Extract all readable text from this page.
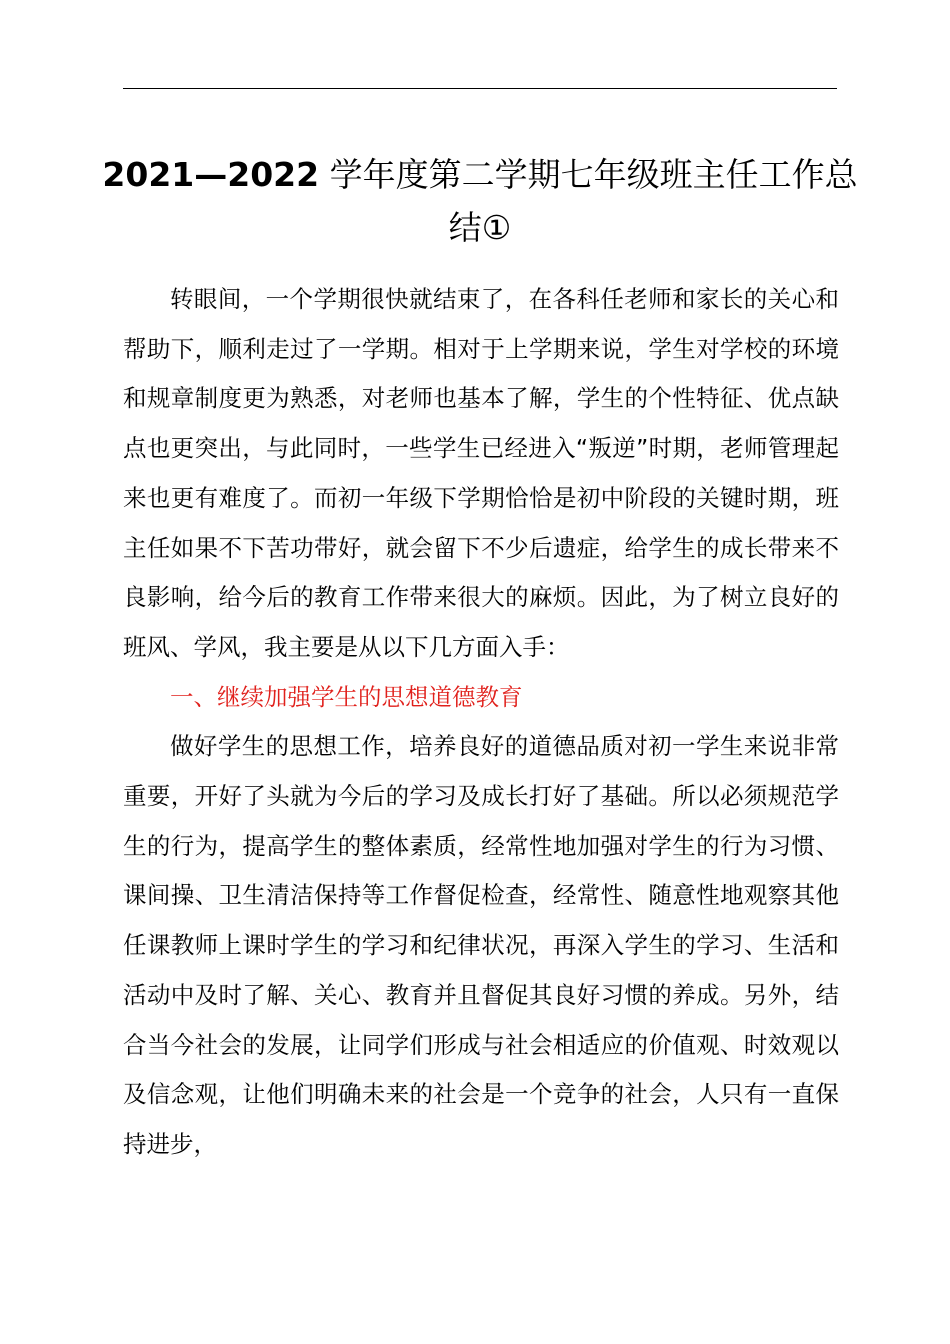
2021—2022 学年度第二学期七年级班主任工作总结①

转眼间，一个学期很快就结束了，在各科任老师和家长的关心和帮助下，顺利走过了一学期。相对于上学期来说，学生对学校的环境和规章制度更为熟悉，对老师也基本了解，学生的个性特征、优点缺点也更突出，与此同时，一些学生已经进入“叛逆”时期，老师管理起来也更有难度了。而初一年级下学期恰恰是初中阶段的关键时期，班主任如果不下苦功带好，就会留下不少后遗症，给学生的成长带来不良影响，给今后的教育工作带来很大的麻烦。因此，为了树立良好的班风、学风，我主要是从以下几方面入手：

一、继续加强学生的思想道德教育

做好学生的思想工作，培养良好的道德品质对初一学生来说非常重要，开好了头就为今后的学习及成长打好了基础。所以必须规范学生的行为，提高学生的整体素质，经常性地加强对学生的行为习惯、课间操、卫生清洁保持等工作督促检查，经常性、随意性地观察其他任课教师上课时学生的学习和纪律状况，再深入学生的学习、生活和活动中及时了解、关心、教育并且督促其良好习惯的养成。另外，结合当今社会的发展，让同学们形成与社会相适应的价值观、时效观以及信念观，让他们明确未来的社会是一个竞争的社会，人只有一直保持进步，
